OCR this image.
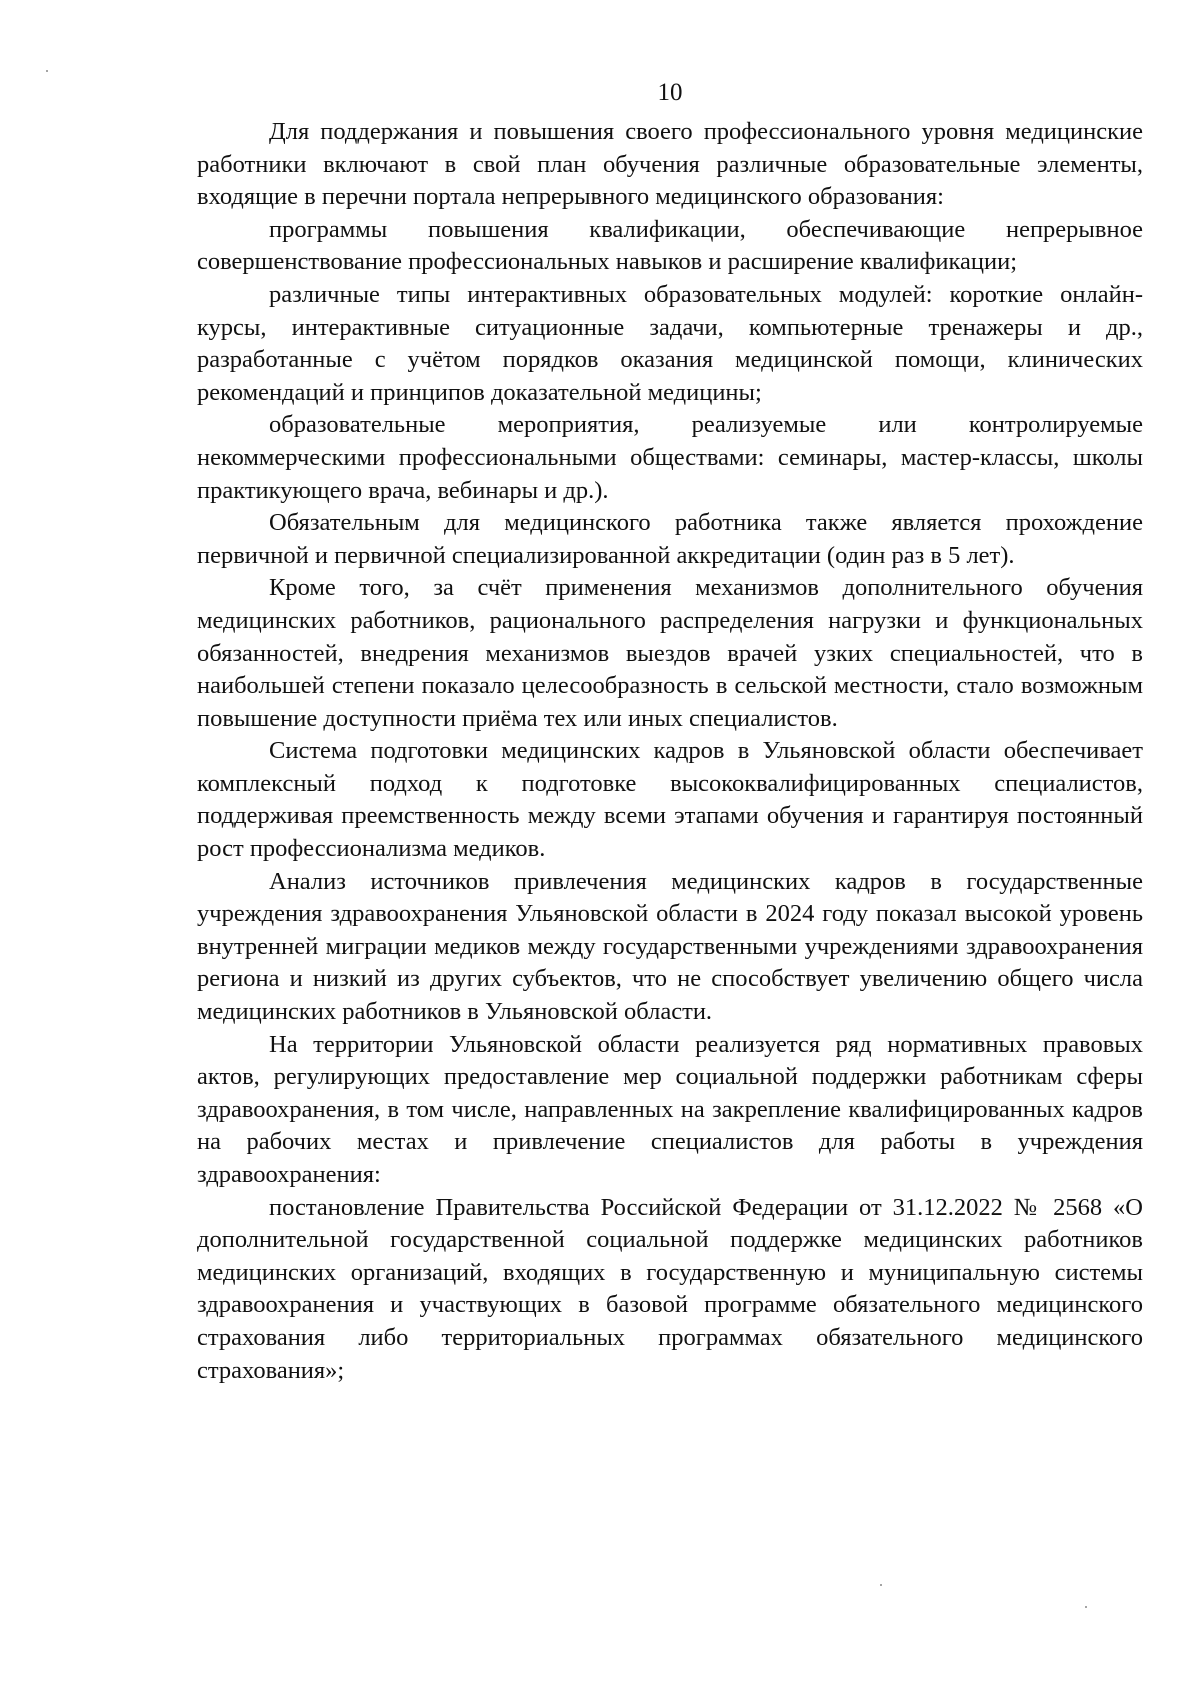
10

Для поддержания и повышения своего профессионального уровня медицинские работники включают в свой план обучения различные образовательные элементы, входящие в перечни портала непрерывного медицинского образования:

программы повышения квалификации, обеспечивающие непрерывное совершенствование профессиональных навыков и расширение квалификации;

различные типы интерактивных образовательных модулей: короткие онлайн-курсы, интерактивные ситуационные задачи, компьютерные тренажеры и др., разработанные с учётом порядков оказания медицинской помощи, клинических рекомендаций и принципов доказательной медицины;

образовательные мероприятия, реализуемые или контролируемые некоммерческими профессиональными обществами: семинары, мастер-классы, школы практикующего врача, вебинары и др.).

Обязательным для медицинского работника также является прохождение первичной и первичной специализированной аккредитации (один раз в 5 лет).

Кроме того, за счёт применения механизмов дополнительного обучения медицинских работников, рационального распределения нагрузки и функциональных обязанностей, внедрения механизмов выездов врачей узких специальностей, что в наибольшей степени показало целесообразность в сельской местности, стало возможным повышение доступности приёма тех или иных специалистов.

Система подготовки медицинских кадров в Ульяновской области обеспечивает комплексный подход к подготовке высококвалифицированных специалистов, поддерживая преемственность между всеми этапами обучения и гарантируя постоянный рост профессионализма медиков.

Анализ источников привлечения медицинских кадров в государственные учреждения здравоохранения Ульяновской области в 2024 году показал высокой уровень внутренней миграции медиков между государственными учреждениями здравоохранения региона и низкий из других субъектов, что не способствует увеличению общего числа медицинских работников в Ульяновской области.

На территории Ульяновской области реализуется ряд нормативных правовых актов, регулирующих предоставление мер социальной поддержки работникам сферы здравоохранения, в том числе, направленных на закрепление квалифицированных кадров на рабочих местах и привлечение специалистов для работы в учреждения здравоохранения:

постановление Правительства Российской Федерации от 31.12.2022 № 2568 «О дополнительной государственной социальной поддержке медицинских работников медицинских организаций, входящих в государственную и муниципальную системы здравоохранения и участвующих в базовой программе обязательного медицинского страхования либо территориальных программах обязательного медицинского страхования»;
